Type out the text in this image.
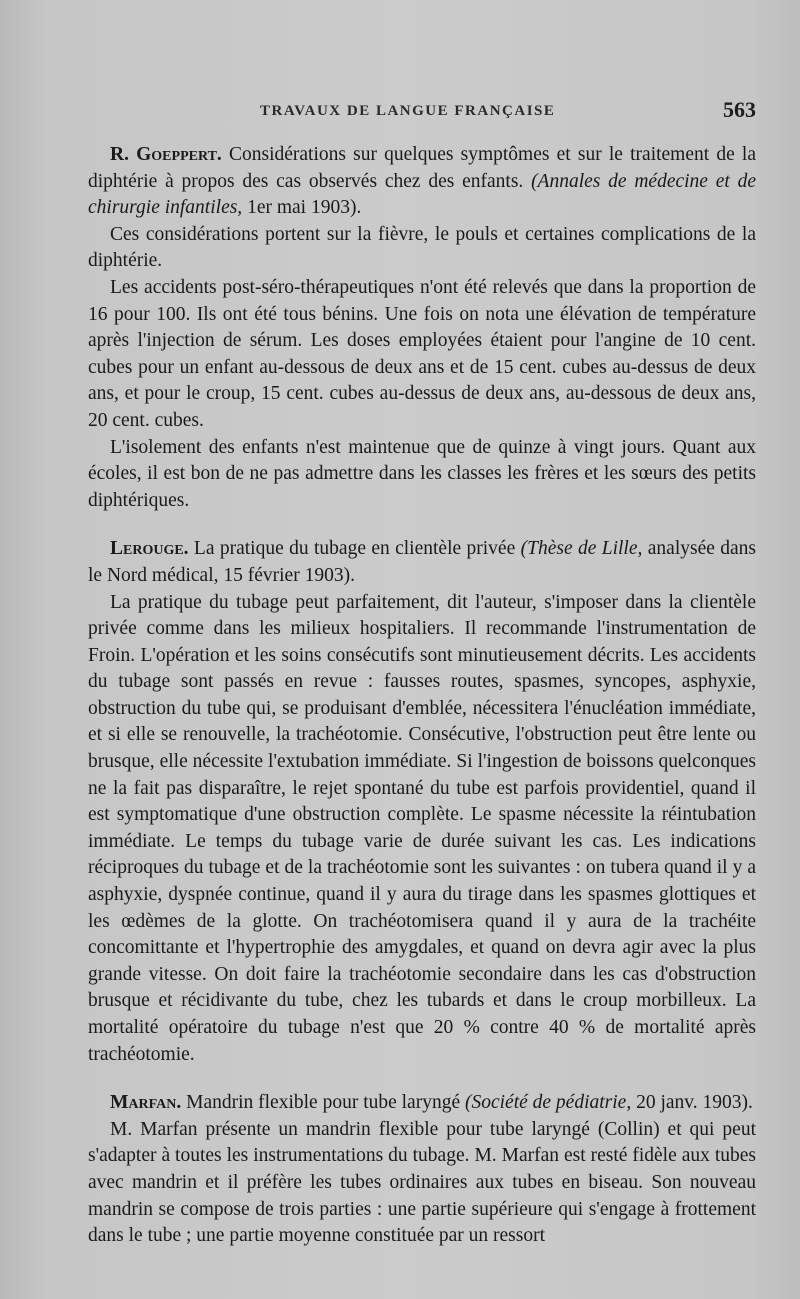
TRAVAUX DE LANGUE FRANÇAISE	563

R. Goeppert. Considérations sur quelques symptômes et sur le traitement de la diphtérie à propos des cas observés chez des enfants. (Annales de médecine et de chirurgie infantiles, 1er mai 1903).

Ces considérations portent sur la fièvre, le pouls et certaines complications de la diphtérie.

Les accidents post-séro-thérapeutiques n'ont été relevés que dans la proportion de 16 pour 100. Ils ont été tous bénins. Une fois on nota une élévation de température après l'injection de sérum. Les doses employées étaient pour l'angine de 10 cent. cubes pour un enfant au-dessous de deux ans et de 15 cent. cubes au-dessus de deux ans, et pour le croup, 15 cent. cubes au-dessus de deux ans, au-dessous de deux ans, 20 cent. cubes.

L'isolement des enfants n'est maintenue que de quinze à vingt jours. Quant aux écoles, il est bon de ne pas admettre dans les classes les frères et les sœurs des petits diphtériques.

Lerouge. La pratique du tubage en clientèle privée (Thèse de Lille, analysée dans le Nord médical, 15 février 1903).

La pratique du tubage peut parfaitement, dit l'auteur, s'imposer dans la clientèle privée comme dans les milieux hospitaliers. Il recommande l'instrumentation de Froin. L'opération et les soins consécutifs sont minutieusement décrits. Les accidents du tubage sont passés en revue : fausses routes, spasmes, syncopes, asphyxie, obstruction du tube qui, se produisant d'emblée, nécessitera l'énucléation immédiate, et si elle se renouvelle, la trachéotomie. Consécutive, l'obstruction peut être lente ou brusque, elle nécessite l'extubation immédiate. Si l'ingestion de boissons quelconques ne la fait pas disparaître, le rejet spontané du tube est parfois providentiel, quand il est symptomatique d'une obstruction complète. Le spasme nécessite la réintubation immédiate. Le temps du tubage varie de durée suivant les cas. Les indications réciproques du tubage et de la trachéotomie sont les suivantes : on tubera quand il y a asphyxie, dyspnée continue, quand il y aura du tirage dans les spasmes glottiques et les œdèmes de la glotte. On trachéotomisera quand il y aura de la trachéite concomittante et l'hypertrophie des amygdales, et quand on devra agir avec la plus grande vitesse. On doit faire la trachéotomie secondaire dans les cas d'obstruction brusque et récidivante du tube, chez les tubards et dans le croup morbilleux. La mortalité opératoire du tubage n'est que 20 % contre 40 % de mortalité après trachéotomie.

Marfan. Mandrin flexible pour tube laryngé (Société de pédiatrie, 20 janv. 1903).

M. Marfan présente un mandrin flexible pour tube laryngé (Collin) et qui peut s'adapter à toutes les instrumentations du tubage. M. Marfan est resté fidèle aux tubes avec mandrin et il préfère les tubes ordinaires aux tubes en biseau. Son nouveau mandrin se compose de trois parties : une partie supérieure qui s'engage à frottement dans le tube ; une partie moyenne constituée par un ressort
